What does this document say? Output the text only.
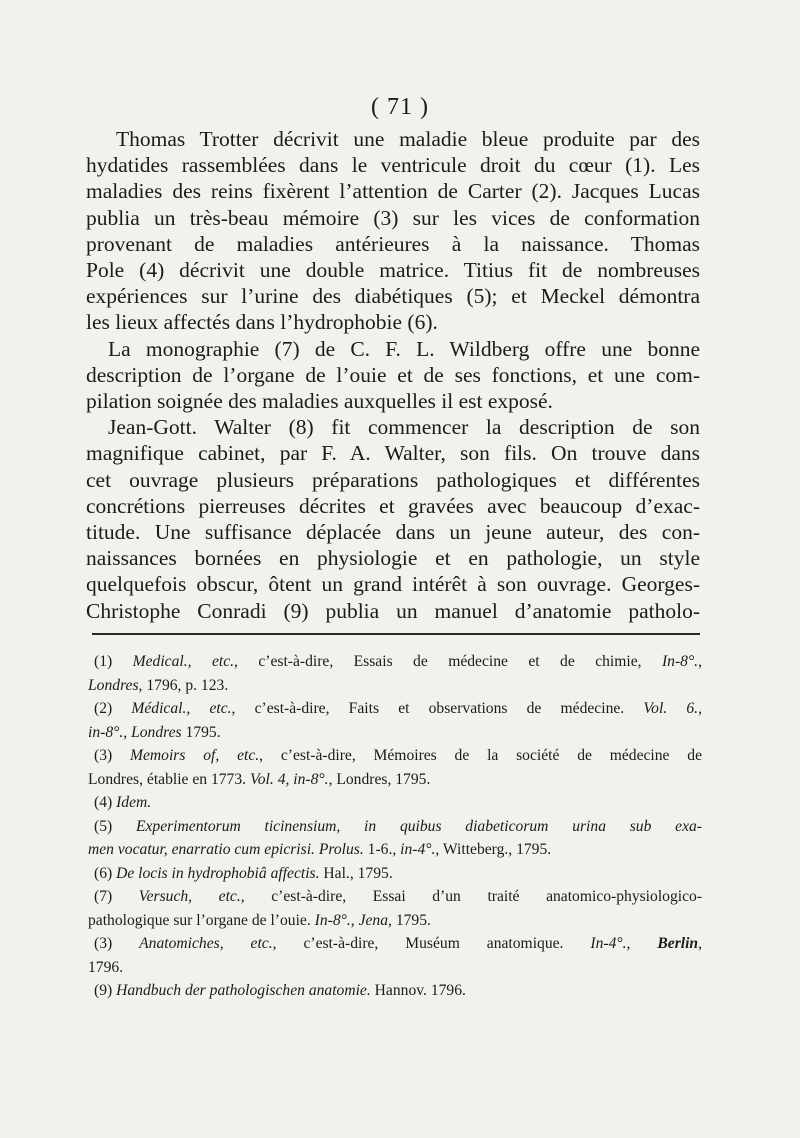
( 71 )
Thomas Trotter décrivit une maladie bleue produite par des
hydatides rassemblées dans le ventricule droit du cœur (1). Les
maladies des reins fixèrent l’attention de Carter (2). Jacques Lucas
publia un très-beau mémoire (3) sur les vices de conformation
provenant de maladies antérieures à la naissance. Thomas
Pole (4) décrivit une double matrice. Titius fit de nombreuses
expériences sur l’urine des diabétiques (5); et Meckel démontra
les lieux affectés dans l’hydrophobie (6).
La monographie (7) de C. F. L. Wildberg offre une bonne
description de l’organe de l’ouie et de ses fonctions, et une com-
pilation soignée des maladies auxquelles il est exposé.
Jean-Gott. Walter (8) fit commencer la description de son
magnifique cabinet, par F. A. Walter, son fils. On trouve dans
cet ouvrage plusieurs préparations pathologiques et différentes
concrétions pierreuses décrites et gravées avec beaucoup d’exac-
titude. Une suffisance déplacée dans un jeune auteur, des con-
naissances bornées en physiologie et en pathologie, un style
quelquefois obscur, ôtent un grand intérêt à son ouvrage. Georges-
Christophe Conradi (9) publia un manuel d’anatomie patholo-
(1) Medical., etc., c’est-à-dire, Essais de médecine et de chimie, In-8°.,
Londres, 1796, p. 123.
(2) Médical., etc., c’est-à-dire, Faits et observations de médecine. Vol. 6.,
in-8°., Londres 1795.
(3) Memoirs of, etc., c’est-à-dire, Mémoires de la société de médecine de
Londres, établie en 1773. Vol. 4, in-8°., Londres, 1795.
(4) Idem.
(5) Experimentorum ticinensium, in quibus diabeticorum urina sub exa-
men vocatur, enarratio cum epicrisi. Prolus. 1-6., in-4°., Witteberg., 1795.
(6) De locis in hydrophobiâ affectis. Hal., 1795.
(7) Versuch, etc., c’est-à-dire, Essai d’un traité anatomico-physiologico-
pathologique sur l’organe de l’ouie. In-8°., Jena, 1795.
(3) Anatomiches, etc., c’est-à-dire, Muséum anatomique. In-4°., Berlin,
1796.
(9) Handbuch der pathologischen anatomie. Hannov. 1796.
